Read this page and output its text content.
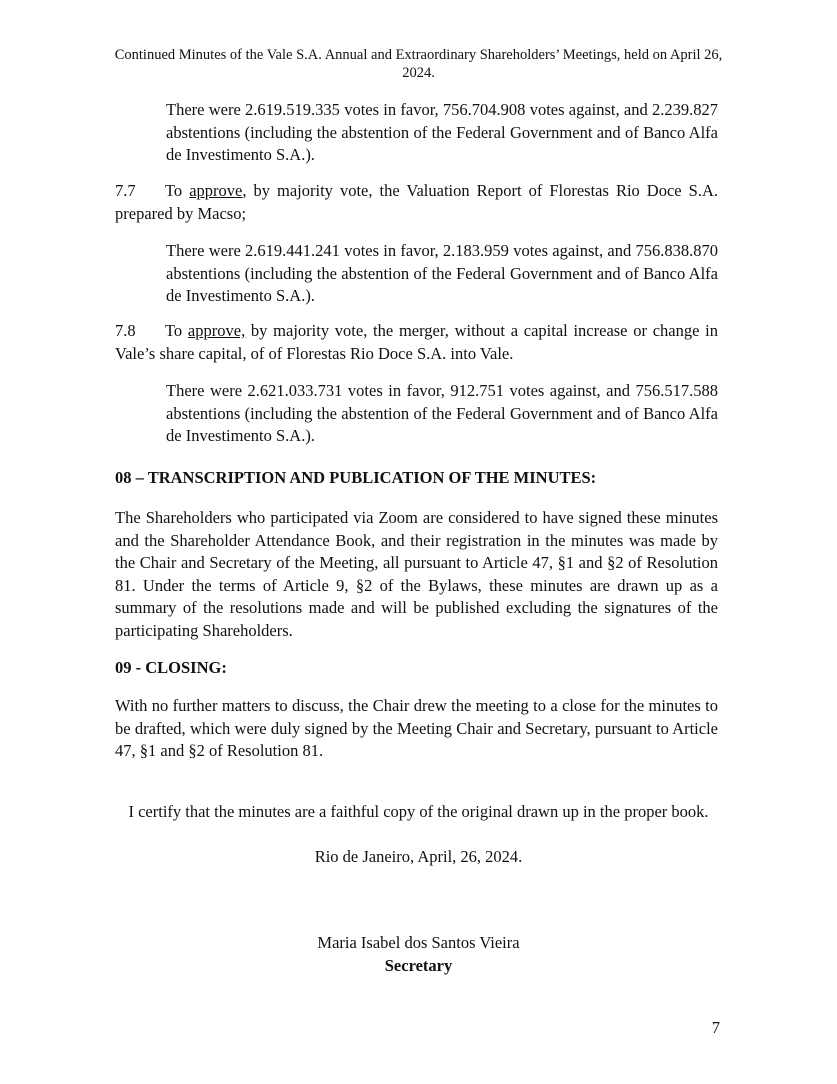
Continued Minutes of the Vale S.A. Annual and Extraordinary Shareholders’ Meetings, held on April 26,
2024.
There were 2.619.519.335 votes in favor, 756.704.908 votes against, and 2.239.827 abstentions (including the abstention of the Federal Government and of Banco Alfa de Investimento S.A.).
7.7 To approve, by majority vote, the Valuation Report of Florestas Rio Doce S.A. prepared by Macso;
There were 2.619.441.241 votes in favor, 2.183.959 votes against, and 756.838.870 abstentions (including the abstention of the Federal Government and of Banco Alfa de Investimento S.A.).
7.8 To approve, by majority vote, the merger, without a capital increase or change in Vale’s share capital, of of Florestas Rio Doce S.A. into Vale.
There were 2.621.033.731 votes in favor, 912.751 votes against, and 756.517.588 abstentions (including the abstention of the Federal Government and of Banco Alfa de Investimento S.A.).
08 – TRANSCRIPTION AND PUBLICATION OF THE MINUTES:
The Shareholders who participated via Zoom are considered to have signed these minutes and the Shareholder Attendance Book, and their registration in the minutes was made by the Chair and Secretary of the Meeting, all pursuant to Article 47, §1 and §2 of Resolution 81. Under the terms of Article 9, §2 of the Bylaws, these minutes are drawn up as a summary of the resolutions made and will be published excluding the signatures of the participating Shareholders.
09 - CLOSING:
With no further matters to discuss, the Chair drew the meeting to a close for the minutes to be drafted, which were duly signed by the Meeting Chair and Secretary, pursuant to Article 47, §1 and §2 of Resolution 81.
I certify that the minutes are a faithful copy of the original drawn up in the proper book.
Rio de Janeiro, April, 26, 2024.
Maria Isabel dos Santos Vieira
Secretary
7
